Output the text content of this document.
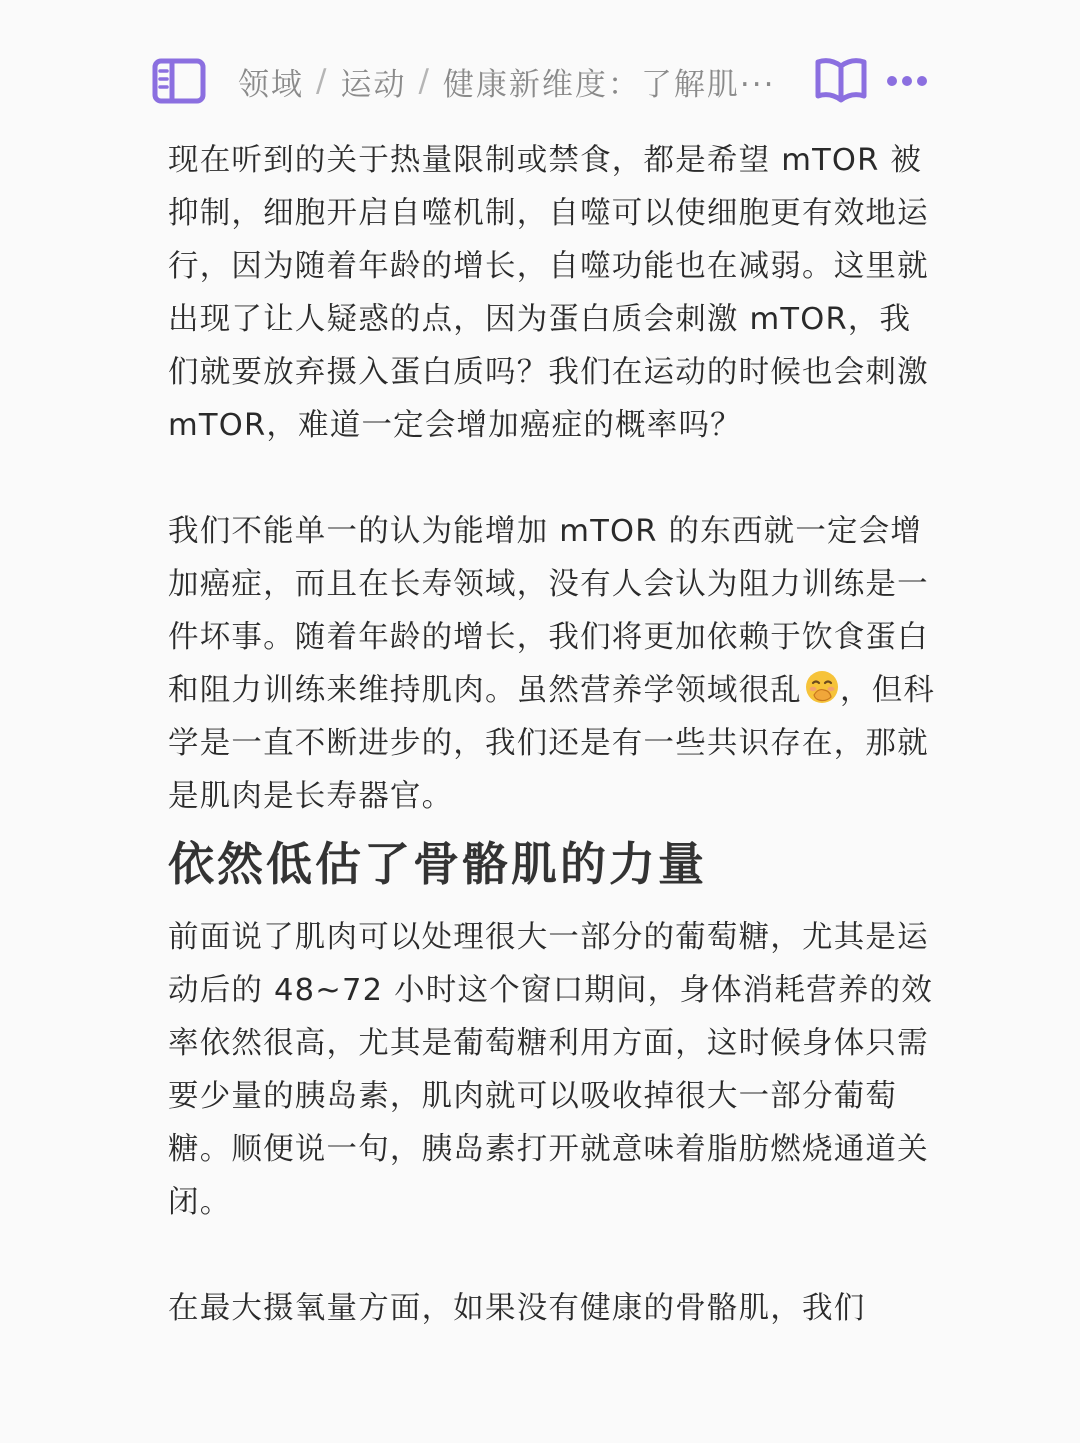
领域 / 运动 / 健康新维度：了解肌···

现在听到的关于热量限制或禁食，都是希望 mTOR 被抑制，细胞开启自噬机制，自噬可以使细胞更有效地运行，因为随着年龄的增长，自噬功能也在减弱。这里就出现了让人疑惑的点，因为蛋白质会刺激 mTOR，我们就要放弃摄入蛋白质吗？我们在运动的时候也会刺激 mTOR，难道一定会增加癌症的概率吗？

我们不能单一的认为能增加 mTOR 的东西就一定会增加癌症，而且在长寿领域，没有人会认为阻力训练是一件坏事。随着年龄的增长，我们将更加依赖于饮食蛋白和阻力训练来维持肌肉。虽然营养学领域很乱 ，但科学是一直不断进步的，我们还是有一些共识存在，那就是肌肉是长寿器官。

依然低估了骨骼肌的力量

前面说了肌肉可以处理很大一部分的葡萄糖，尤其是运动后的 48~72 小时这个窗口期间，身体消耗营养的效率依然很高，尤其是葡萄糖利用方面，这时候身体只需要少量的胰岛素，肌肉就可以吸收掉很大一部分葡萄糖。顺便说一句，胰岛素打开就意味着脂肪燃烧通道关闭。

在最大摄氧量方面，如果没有健康的骨骼肌，我们
